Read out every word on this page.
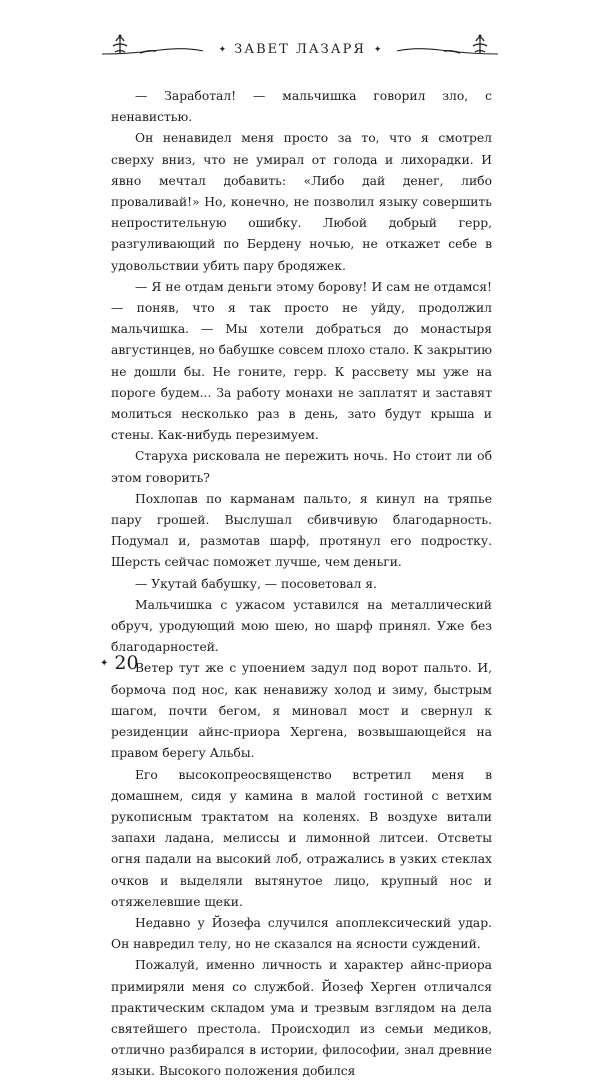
✦ ЗАВЕТ ЛАЗАРЯ ✦

— Заработал! — мальчишка говорил зло, с ненавистью.

Он ненавидел меня просто за то, что я смотрел сверху вниз, что не умирал от голода и лихорадки. И явно мечтал добавить: «Либо дай денег, либо проваливай!» Но, конечно, не позволил языку совершить непростительную ошибку. Любой добрый герр, разгуливающий по Бердену ночью, не откажет себе в удовольствии убить пару бродяжек.

— Я не отдам деньги этому борову! И сам не отдамся! — поняв, что я так просто не уйду, продолжил мальчишка. — Мы хотели добраться до монастыря августинцев, но бабушке совсем плохо стало. К закрытию не дошли бы. Не гоните, герр. К рассвету мы уже на пороге будем... За работу монахи не заплатят и заставят молиться несколько раз в день, зато будут крыша и стены. Как-нибудь перезимуем.

Старуха рисковала не пережить ночь. Но стоит ли об этом говорить?

Похлопав по карманам пальто, я кинул на тряпье пару грошей. Выслушал сбивчивую благодарность. Подумал и, размотав шарф, протянул его подростку. Шерсть сейчас поможет лучше, чем деньги.

— Укутай бабушку, — посоветовал я.

Мальчишка с ужасом уставился на металлический обруч, уродующий мою шею, но шарф принял. Уже без благодарностей.

Ветер тут же с упоением задул под ворот пальто. И, бормоча под нос, как ненавижу холод и зиму, быстрым шагом, почти бегом, я миновал мост и свернул к резиденции айнс-приора Хергена, возвышающейся на правом берегу Альбы.

Его высокопреосвященство встретил меня в домашнем, сидя у камина в малой гостиной с ветхим рукописным трактатом на коленях. В воздухе витали запахи ладана, мелиссы и лимонной литсеи. Отсветы огня падали на высокий лоб, отражались в узких стеклах очков и выделяли вытянутое лицо, крупный нос и отяжелевшие щеки.

Недавно у Йозефа случился апоплексический удар. Он навредил телу, но не сказался на ясности суждений.

Пожалуй, именно личность и характер айнс-приора примиряли меня со службой. Йозеф Херген отличался практическим складом ума и трезвым взглядом на дела святейшего престола. Происходил из семьи медиков, отлично разбирался в истории, философии, знал древние языки. Высокого положения добился

✦ 20
